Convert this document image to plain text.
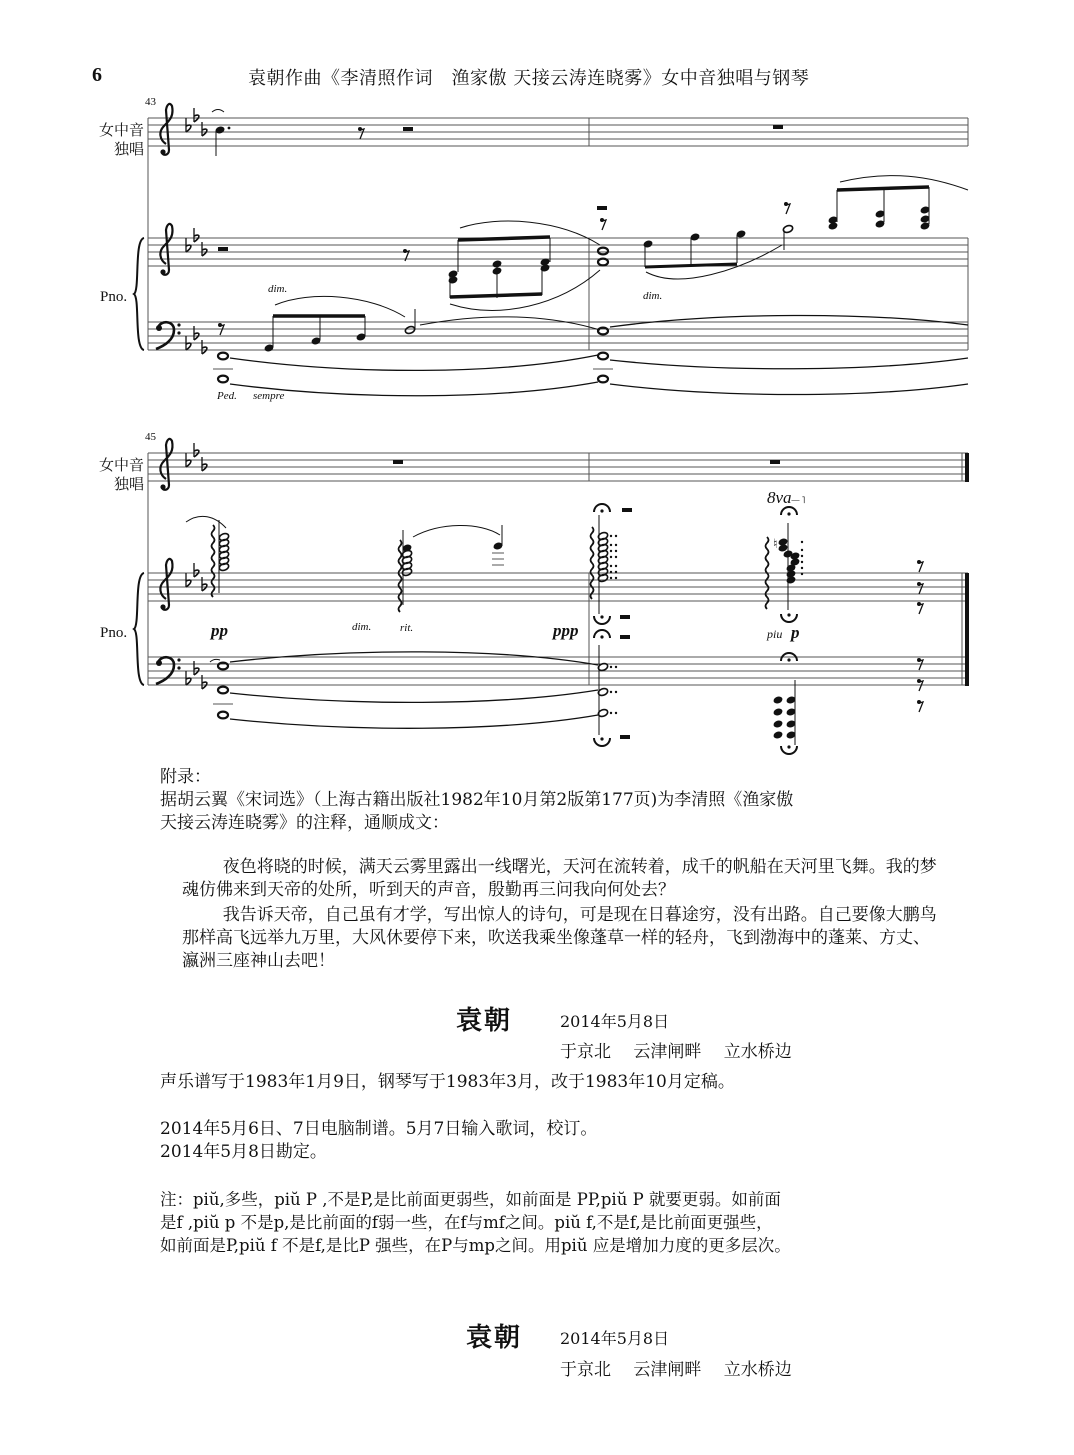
6	袁朝作曲《李清照作词　渔家傲 天接云涛连晓雾》女中音独唱与钢琴
♮
43
女中音
独唱
Pno.	dim.
dim.
Ped. sempre
45
女中音
独唱
Pno.	pp	dim.	rit.	ppp
8va— ˥
piu p
附录：
据胡云翼《宋词选》（上海古籍出版社1982年10月第2版第177页)为李清照《渔家傲
天接云涛连晓雾》的注释，通顺成文：
夜色将晓的时候，满天云雾里露出一线曙光，天河在流转着，成千的帆船在天河里飞舞。我的梦魂仿佛来到天帝的处所，听到天的声音，殷勤再三问我向何处去？
我告诉天帝，自己虽有才学，写出惊人的诗句，可是现在日暮途穷，没有出路。自己要像大鹏鸟那样高飞远举九万里，大风休要停下来，吹送我乘坐像蓬草一样的轻舟，飞到渤海中的蓬莱、方丈、瀛洲三座神山去吧！
袁朝	2014年5月8日
于京北　 云津闸畔　 立水桥边
声乐谱写于1983年1月9日，钢琴写于1983年3月，改于1983年10月定稿。
2014年5月6日、7日电脑制谱。5月7日输入歌词，校订。
2014年5月8日勘定。
注：piŭ,多些，piŭ P ,不是P,是比前面更弱些，如前面是 PP,piŭ P 就要更弱。如前面
是f ,piŭ p 不是p,是比前面的f弱一些，在f与mf之间。piŭ f,不是f,是比前面更强些，
如前面是P,piŭ f 不是f,是比P 强些，在P与mp之间。用piŭ 应是增加力度的更多层次。
袁朝 2014年5月8日
于京北　 云津闸畔　 立水桥边
